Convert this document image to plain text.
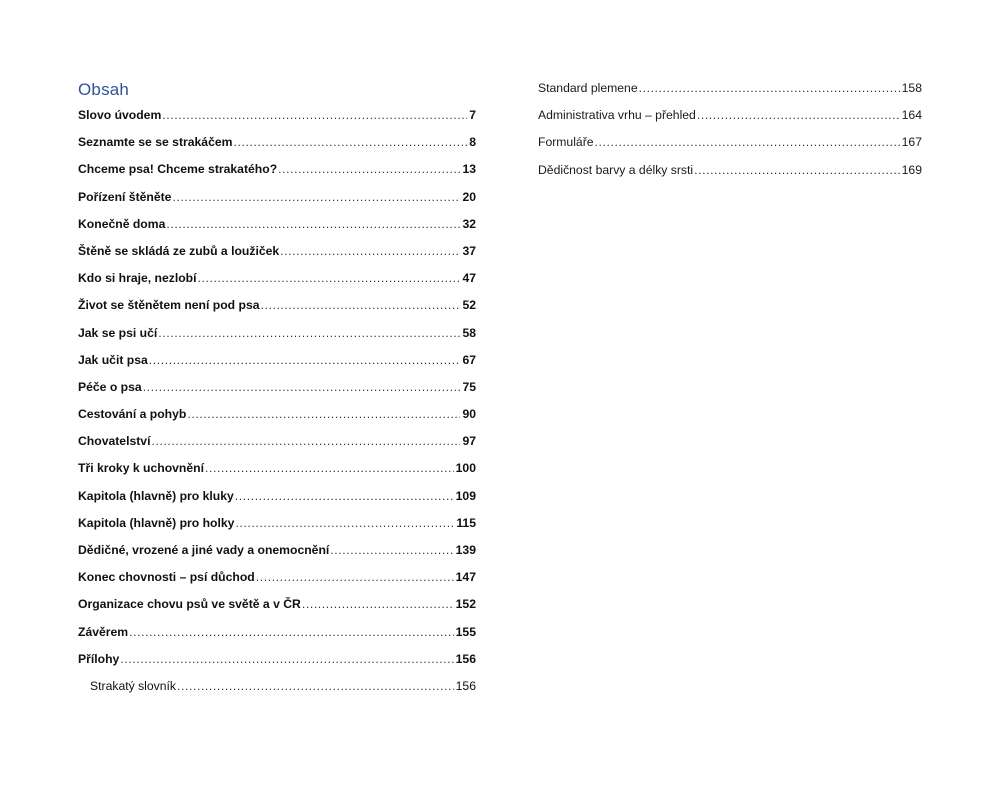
Obsah
Slovo úvodem .....	7
Seznamte se se strakáčem .....	8
Chceme psa! Chceme strakatého? .....	13
Pořízení štěněte .....	20
Konečně doma .....	32
Štěně se skládá ze zubů a loužiček .....	37
Kdo si hraje, nezlobí .....	47
Život se štěnětem není pod psa .....	52
Jak se psi učí .....	58
Jak učit psa .....	67
Péče o psa .....	75
Cestování a pohyb .....	90
Chovatelství .....	97
Tři kroky k uchovnění .....	100
Kapitola (hlavně) pro kluky .....	109
Kapitola (hlavně) pro holky .....	115
Dědičné, vrozené a jiné vady a onemocnění .....	139
Konec chovnosti – psí důchod .....	147
Organizace chovu psů ve světě a v ČR .....	152
Závěrem .....	155
Přílohy .....	156
Strakatý slovník .....	156
Standard plemene .....	158
Administrativa vrhu – přehled .....	164
Formuláře .....	167
Dědičnost barvy a délky srsti .....	169
